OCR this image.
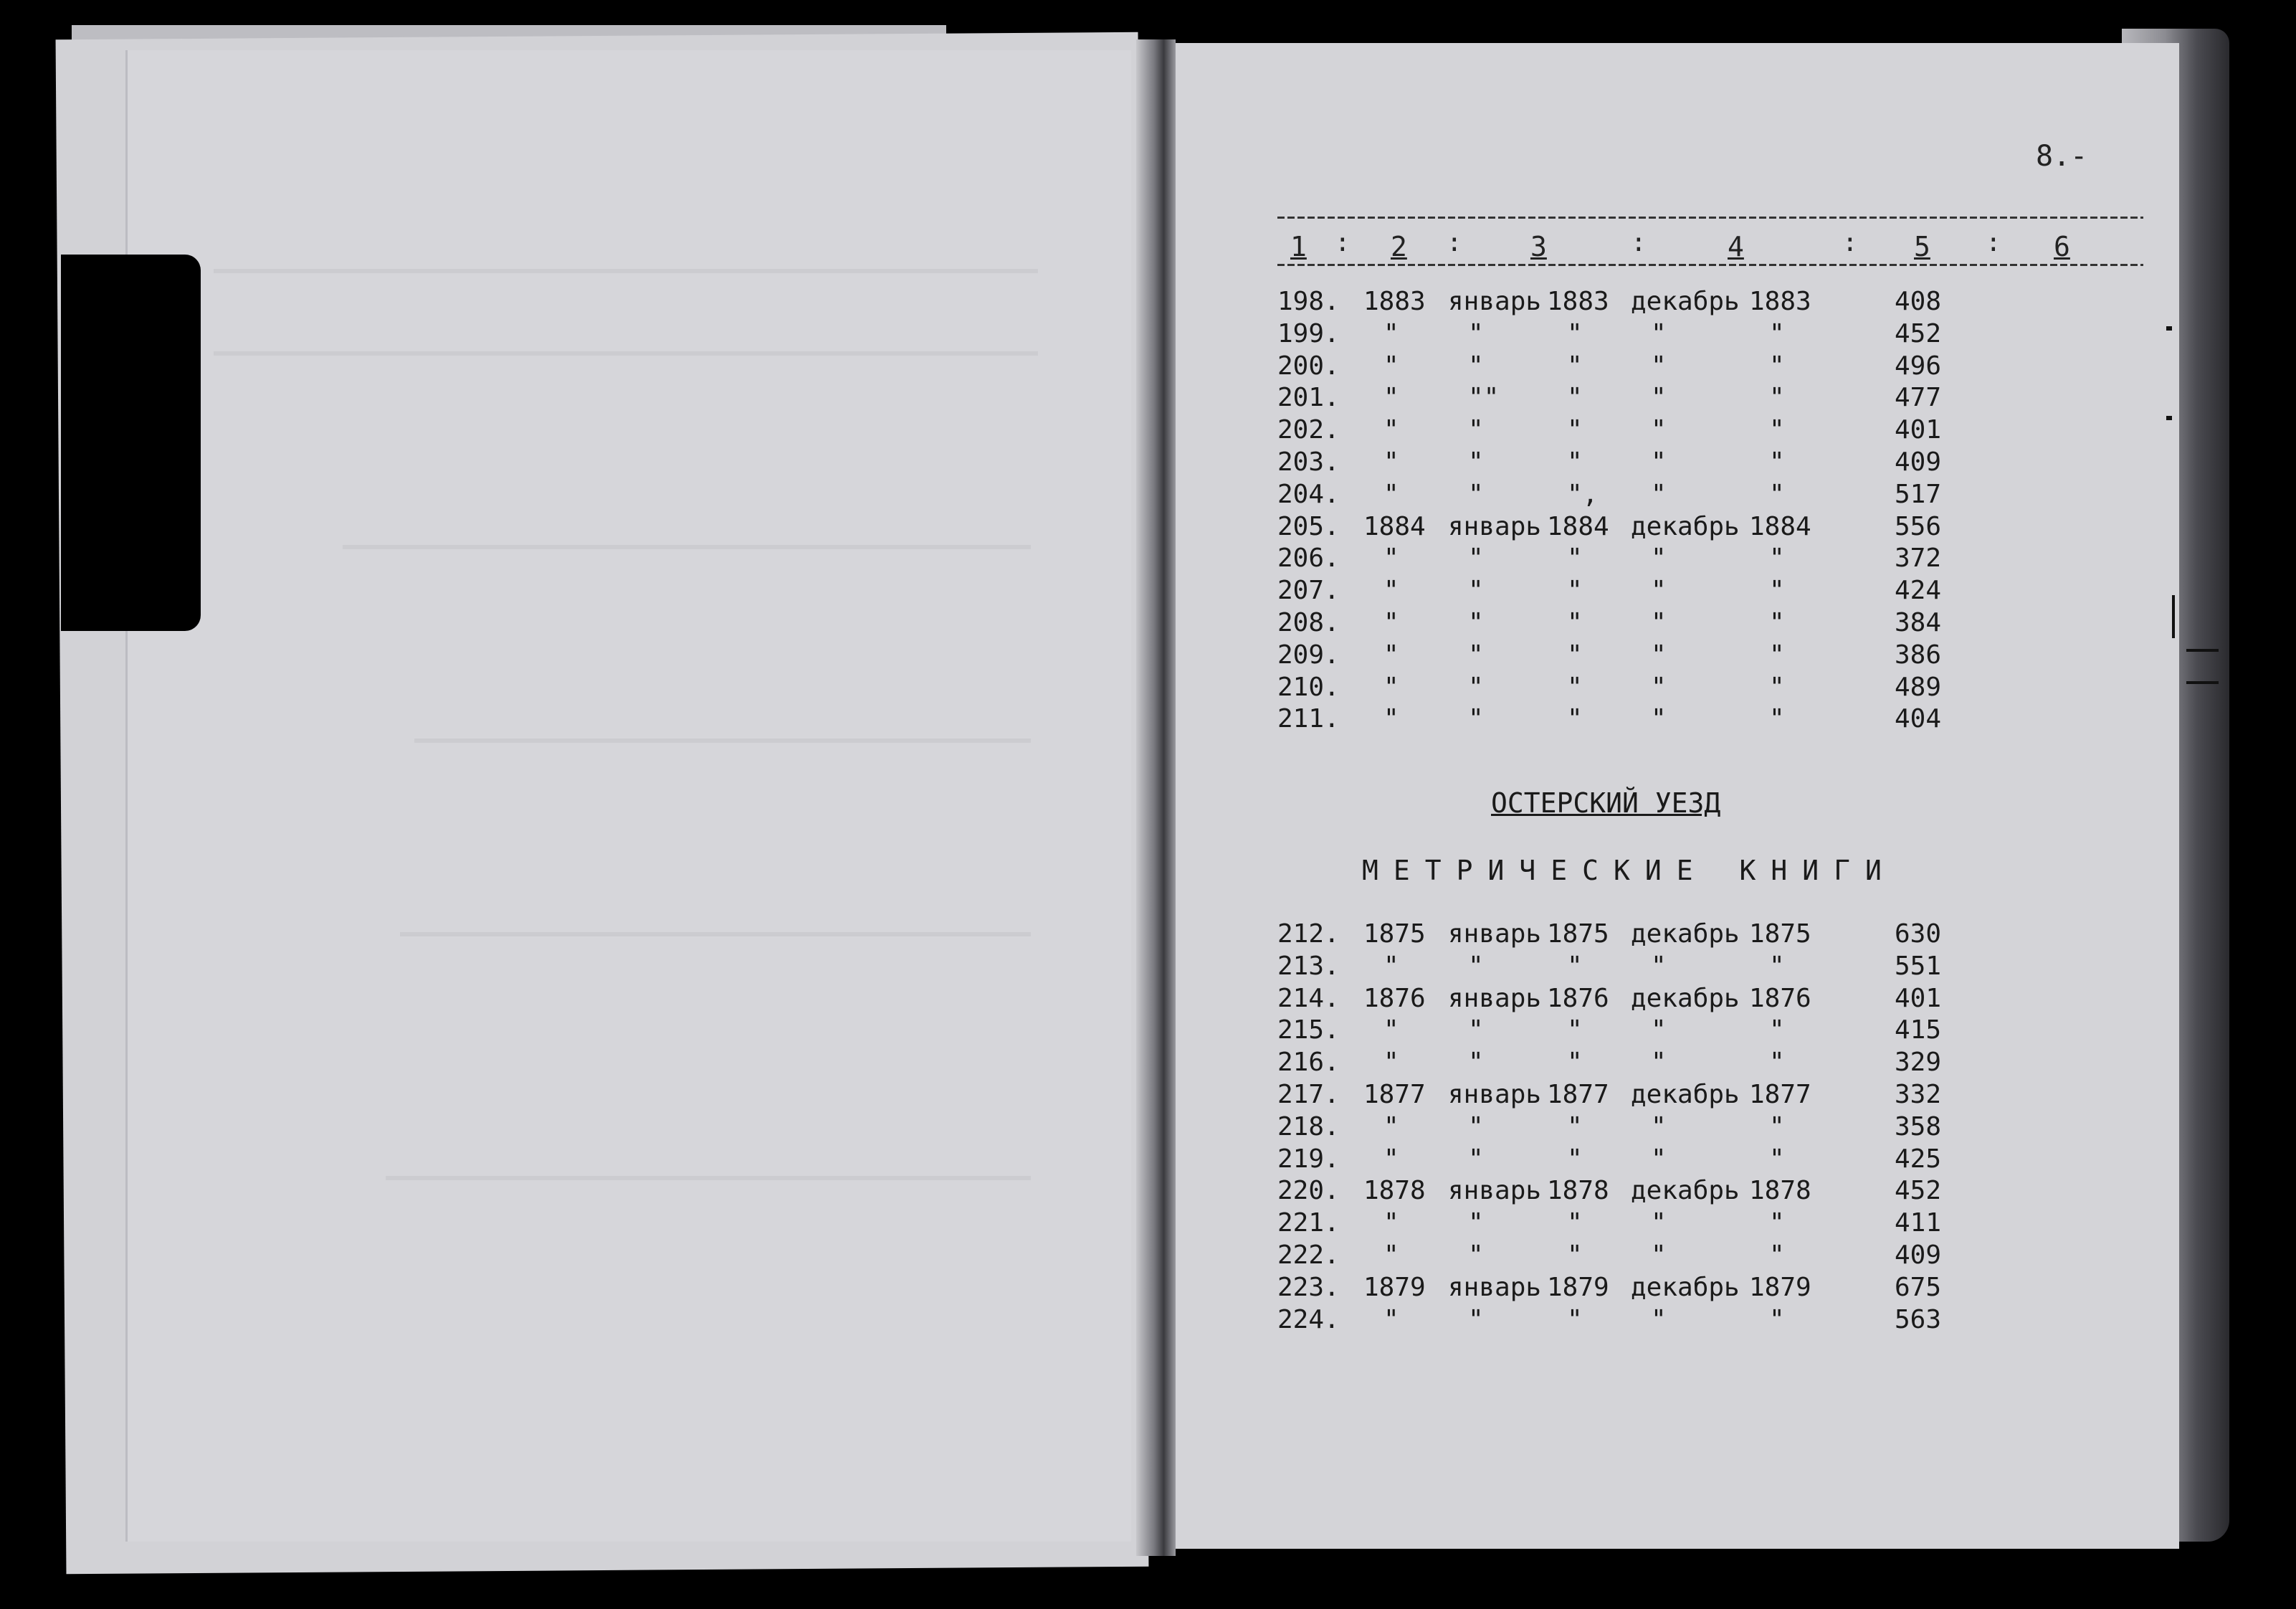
8.-
1 : 2 :	3	:	4	: 5 : 6
198. 1883 январь 1883 декабрь 1883	408
199. "	"	"	"	"	452
200. "	"	"	"	"	496
201. "	""	"	"	"	477
202. "	"	"	"	"	401
203. "	"	"	"	"	409
204. "	"	", "	"	517
205. 1884 январь 1884 декабрь 1884	556
206. "	"	"	"	"	372
207. "	"	"	"	"	424
208. "	"	"	"	"	384
209. "	"	"	"	"	386
210. "	"	"	"	"	489
211. "	"	"	"	"	404
ОСТЕРСКИЙ УЕЗД
МЕТРИЧЕСКИЕ КНИГИ
212. 1875 январь 1875 декабрь 1875	630
213. "	"	"	"	"	551
214. 1876 январь 1876 декабрь 1876	401
215. "	"	"	"	"	415
216. "	"	"	"	"	329
217. 1877 январь 1877 декабрь 1877	332
218. "	"	"	"	"	358
219. "	"	"	"	"	425
220. 1878 январь 1878 декабрь 1878	452
221. "	"	"	"	"	411
222. "	"	"	"	"	409
223. 1879 январь 1879 декабрь 1879	675
224. "	"	"	"	"	563
